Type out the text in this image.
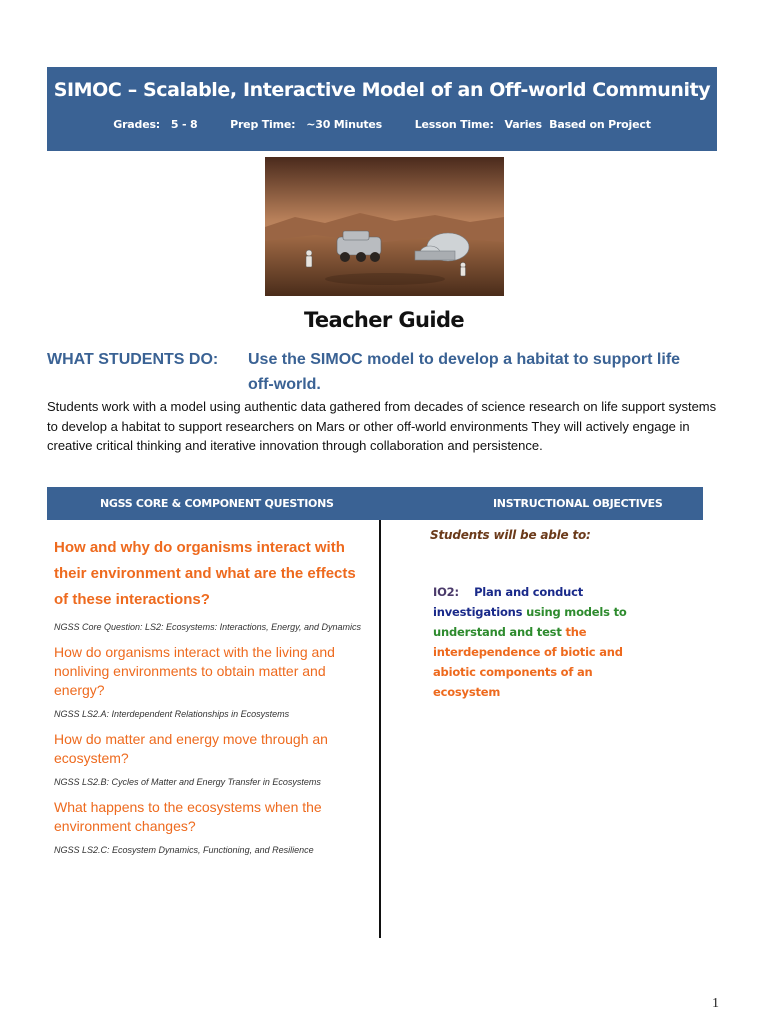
SIMOC – Scalable, Interactive Model of an Off-world Community
Grades:   5 - 8         Prep Time:   ~30 Minutes         Lesson Time:   Varies  Based on Project
Teacher Guide
WHAT STUDENTS DO: Use the SIMOC model to develop a habitat to support life off-world.
Students work with a model using authentic data gathered from decades of science research on life support systems to develop a habitat to support researchers on Mars or other off-world environments They will actively engage in creative critical thinking and iterative innovation through collaboration and persistence.
NGSS CORE & COMPONENT QUESTIONS	INSTRUCTIONAL OBJECTIVES

How and why do organisms interact with their environment and what are the effects of these interactions?

NGSS Core Question: LS2: Ecosystems: Interactions, Energy, and Dynamics

How do organisms interact with the living and nonliving environments to obtain matter and energy?

NGSS LS2.A: Interdependent Relationships in Ecosystems

How do matter and energy move through an ecosystem?

NGSS LS2.B: Cycles of Matter and Energy Transfer in Ecosystems

What happens to the ecosystems when the environment changes?

NGSS LS2.C: Ecosystem Dynamics, Functioning, and Resilience

Students will be able to:
IO2: Plan and conduct investigations using models to understand and test the interdependence of biotic and abiotic components of an ecosystem
1
